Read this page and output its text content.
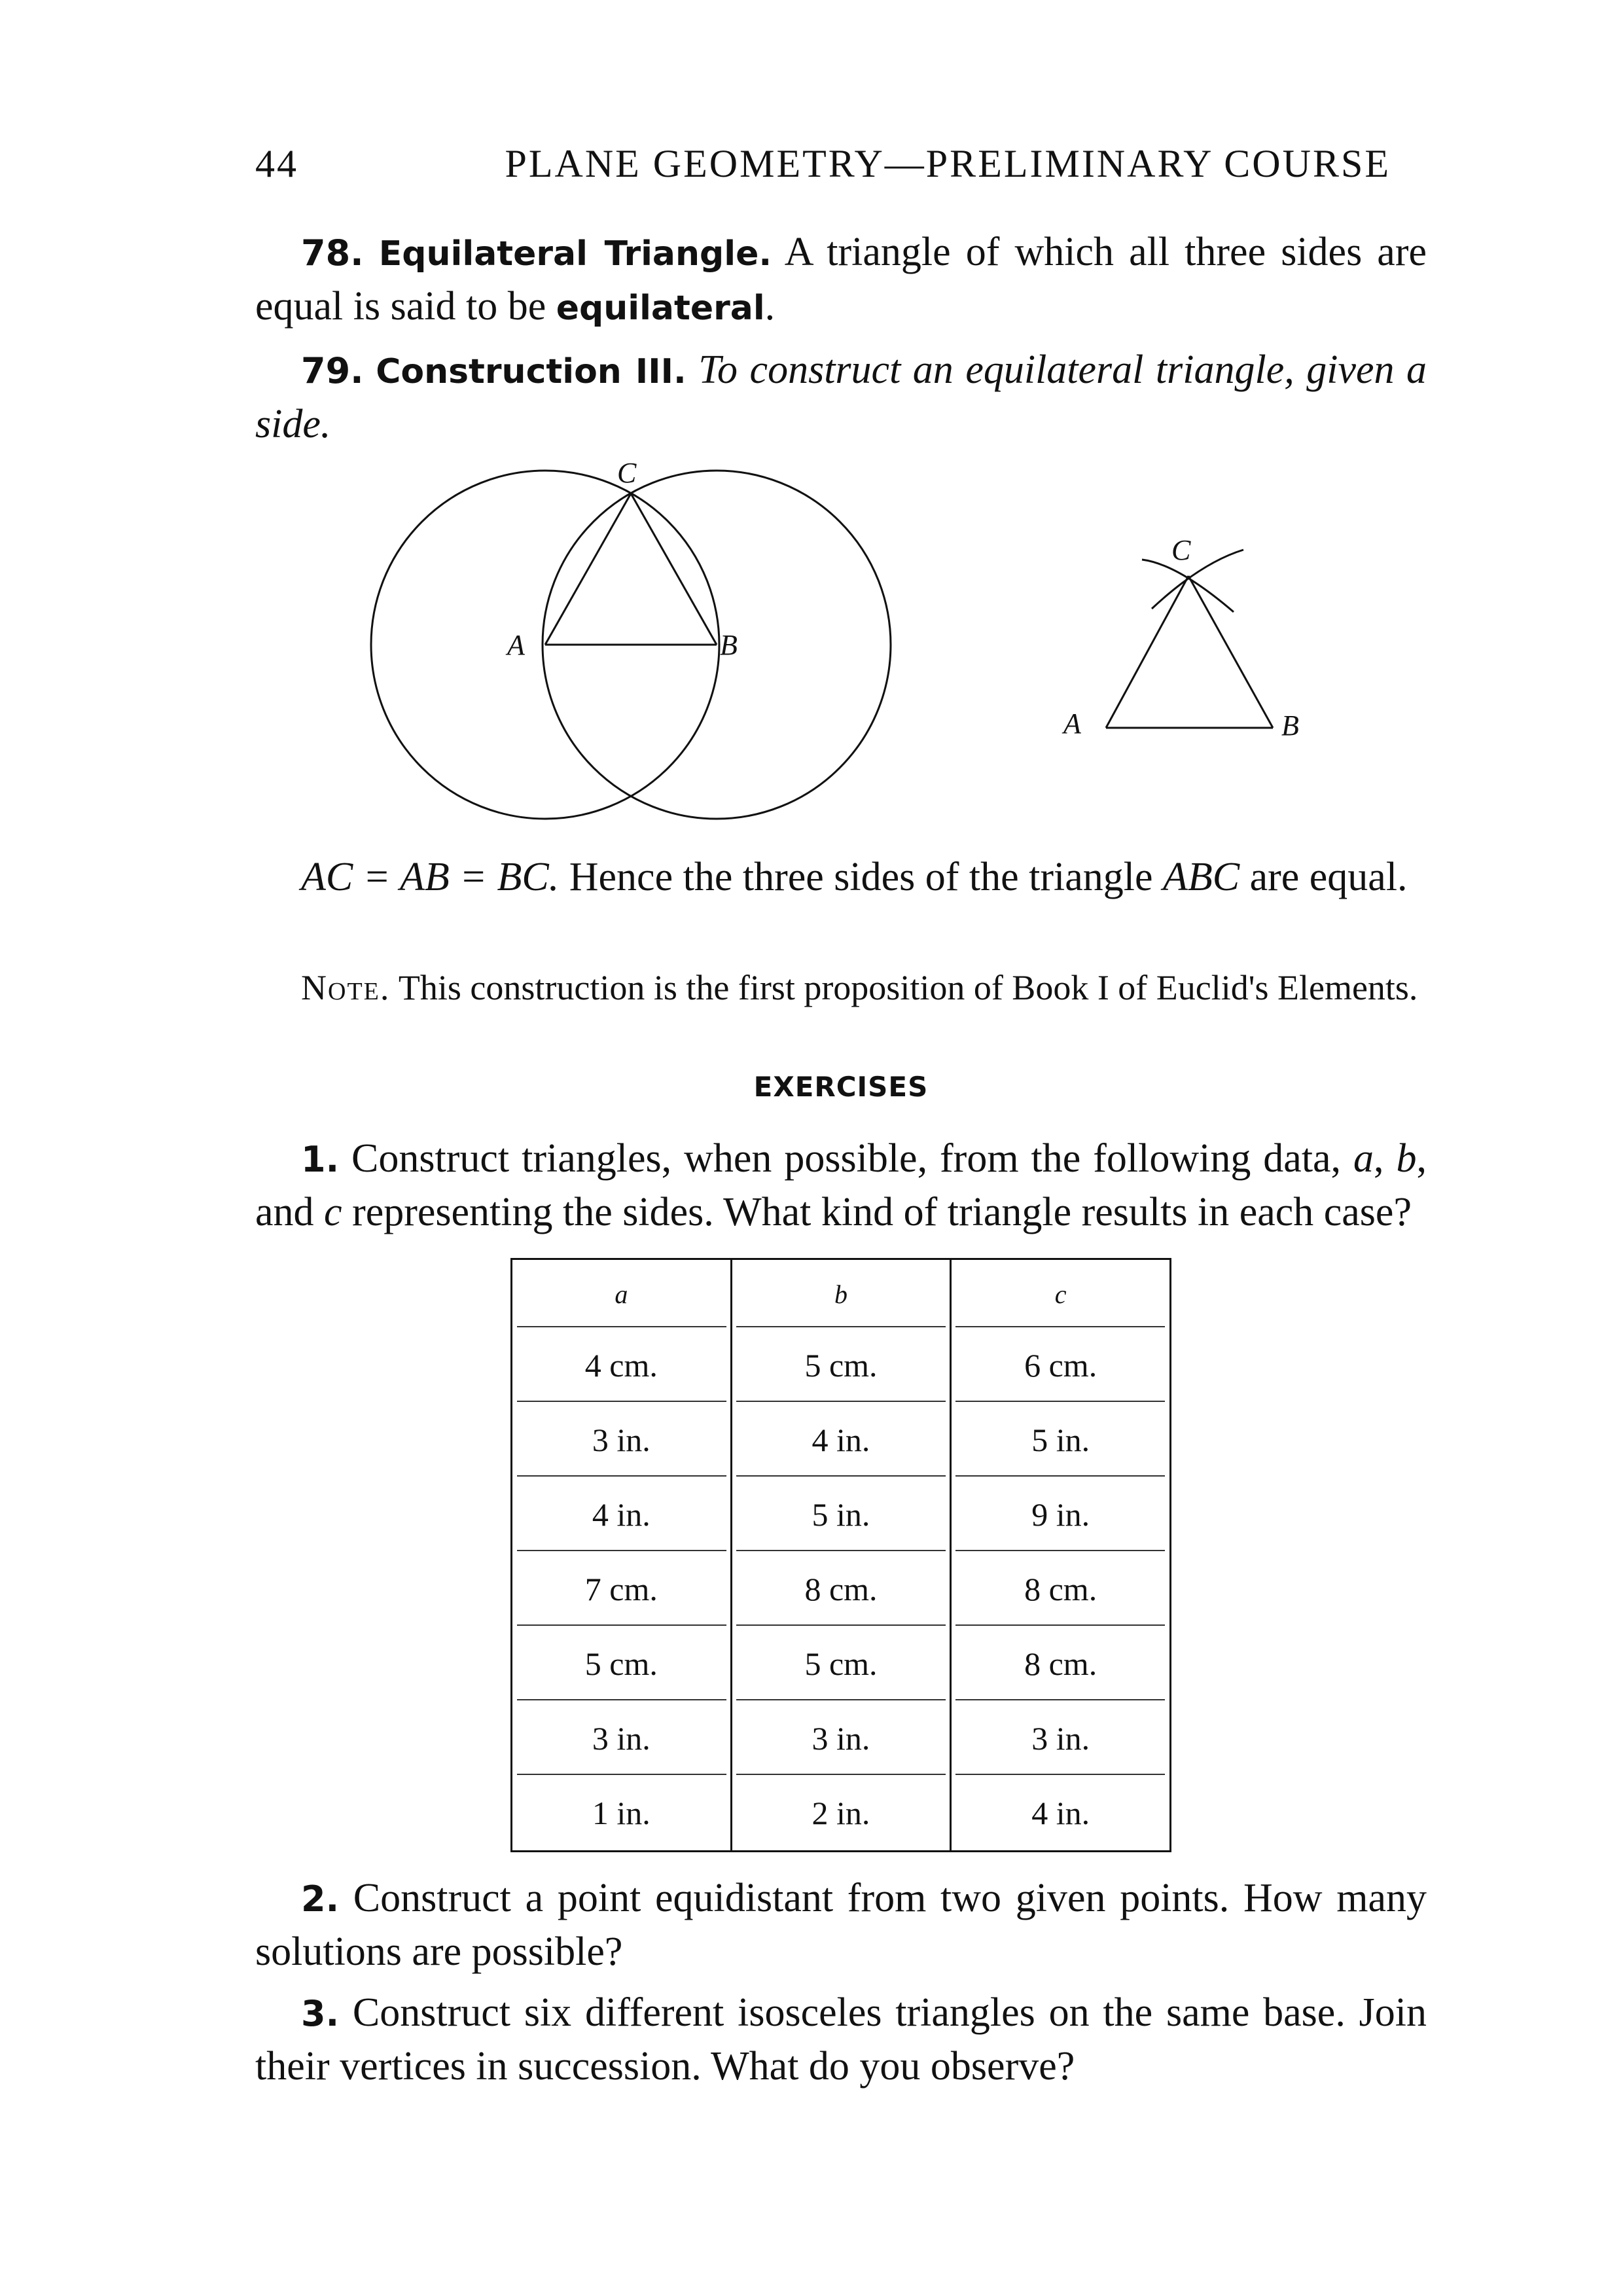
44	PLANE GEOMETRY—PRELIMINARY COURSE
78. Equilateral Triangle. A triangle of which all three sides are equal is said to be equilateral.
79. Construction III. To construct an equilateral triangle, given a side.
A	B
C
A	B
C
AC = AB = BC. Hence the three sides of the triangle ABC are equal.
Note. This construction is the first proposition of Book I of Euclid's Elements.
EXERCISES
1. Construct triangles, when possible, from the following data, a, b, and c representing the sides. What kind of triangle results in each case?
a	b	c
4 cm.	5 cm.	6 cm.
3 in.	4 in.	5 in.
4 in.	5 in.	9 in.
7 cm.	8 cm.	8 cm.
5 cm.	5 cm.	8 cm.
3 in.	3 in.	3 in.
1 in.	2 in.	4 in.
2. Construct a point equidistant from two given points. How many solutions are possible?
3. Construct six different isosceles triangles on the same base. Join their vertices in succession. What do you observe?
